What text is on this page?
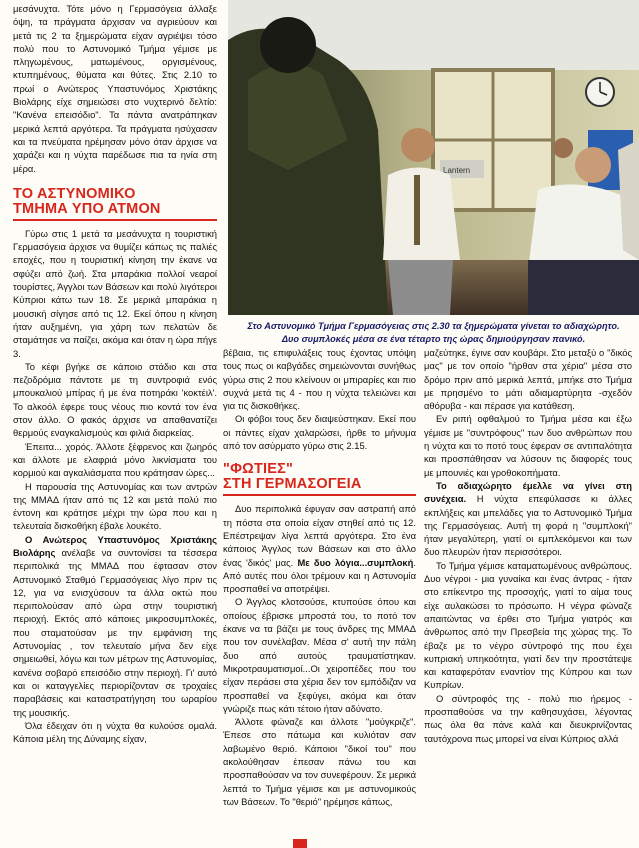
μεσάνυχτα. Τότε μόνο η Γερμασόγεια άλλαξε όψη, τα πράγματα άρχισαν να αγριεύουν και μετά τις 2 τα ξημερώματα είχαν αγριέψει τόσο πολύ που το Αστυνομικό Τμήμα γέμισε με πληγωμένους, ματωμένους, οργισμένους, κτυπημένους, θύματα και θύτες. Στις 2.10 το πρωί ο Ανώτερος Υπαστυνόμος Χριστάκης Βιολάρης είχε σημειώσει στο νυχτερινό δελτίο: "Κανένα επεισόδιο". Τα πάντα ανατράπηκαν μερικά λεπτά αργότερα. Τα πράγματα ησύχασαν και τα πνεύματα ηρέμησαν μόνο όταν άρχισε να χαράζει και η νύχτα παρέδωσε πια τα ηνία στη μέρα.

ΤΟ ΑΣΤΥΝΟΜΙΚΟ
ΤΜΗΜΑ ΥΠΟ ΑΤΜΟΝ

Γύρω στις 1 μετά τα μεσάνυχτα η τουριστική Γερμασόγεια άρχισε να θυμίζει κάπως τις παλιές εποχές, που η τουριστική κίνηση την έκανε να σφύζει από ζωή. Στα μπαράκια πολλοί νεαροί τουρίστες, Άγγλοι των Βάσεων και πολύ λιγότεροι Κύπριοι κάτω των 18. Σε μερικά μπαράκια η μουσική σίγησε από τις 12. Εκεί όπου η κίνηση ήταν αυξημένη, για χάρη των πελατών δε σταμάτησε να παίζει, ακόμα και όταν η ώρα πήγε 3.

Το κέφι βγήκε σε κάποιο στάδιο και στα πεζοδρόμια πάντοτε με τη συντροφιά ενός μπουκαλιού μπίρας ή με ένα ποτηράκι 'κοκτέιλ'. Το αλκοόλ έφερε τους νέους πιο κοντά τον ένα στον άλλο. Ο φακός άρχισε να απαθανατίζει θερμούς εναγκαλισμούς και φιλιά διαρκείας.

Έπειτα... χορός. Άλλοτε ξέφρενος και ζωηρός και άλλοτε με ελαφριά μόνο λικνίσματα του κορμιού και αγκαλιάσματα που κράτησαν ώρες...

Η παρουσία της Αστυνομίας και των αντρών της ΜΜΑΔ ήταν από τις 12 και μετά πολύ πιο έντονη και κράτησε μέχρι την ώρα που και η τελευταία δισκοθήκη έβαλε λουκέτο.

Ο Ανώτερος Υπαστυνόμος Χριστάκης Βιολάρης ανέλαβε να συντονίσει τα τέσσερα περιπολικά της ΜΜΑΔ που έφτασαν στον Αστυνομικό Σταθμό Γερμασόγειας λίγο πριν τις 12, για να ενισχύσουν τα άλλα οκτώ που περιπολούσαν από ώρα στην τουριστική περιοχή. Εκτός από κάποιες μικροσυμπλοκές, που σταματούσαν με την εμφάνιση της Αστυνομίας , τον τελευταίο μήνα δεν είχε σημειωθεί, λόγω και των μέτρων της Αστυνομίας, κανένα σοβαρό επεισόδιο στην περιοχή. Γι' αυτό και οι καταγγελίες περιορίζονταν σε τροχαίες παραβάσεις και καταστρατήγηση του ωραρίου της μουσικής.

Όλα έδειχαν ότι η νύχτα θα κυλούσε ομαλά. Κάποια μέλη της Δύναμης είχαν,

Lantern
Στο Αστυνομικό Τμήμα Γερμασόγειας στις 2.30 τα ξημερώματα γίνεται το αδιαχώρητο.
Δυο συμπλοκές μέσα σε ένα τέταρτο της ώρας δημιούργησαν πανικό.

βέβαια, τις επιφυλάξεις τους έχοντας υπόψη τους πως οι καβγάδες σημειώνονται συνήθως γύρω στις 2 που κλείνουν οι μπιραρίες και πιο συχνά μετά τις 4 - που η νύχτα τελειώνει και για τις δισκοθήκες.

Οι φόβοι τους δεν διαψεύστηκαν. Εκεί που οι πάντες είχαν χαλαρώσει, ήρθε το μήνυμα από τον ασύρματο γύρω στις 2.15.

"ΦΩΤΙΕΣ"
ΣΤΗ ΓΕΡΜΑΣΟΓΕΙΑ

Δυο περιπολικά έφυγαν σαν αστραπή από τη πόστα στα οποία είχαν στηθεί από τις 12. Επέστρεψαν λίγα λεπτά αργότερα. Στο ένα κάποιος Άγγλος των Βάσεων και στο άλλο ένας 'δικός' μας. Με δυο λόγια...συμπλοκή. Από αυτές που όλοι τρέμουν και η Αστυνομία προσπαθεί να αποτρέψει.

Ο Άγγλος κλοτσούσε, κτυπούσε όπου και οποίους έβρισκε μπροστά του, το ποτό τον έκανε να τα βάζει με τους άνδρες της ΜΜΑΔ που τον συνέλαβαν. Μέσα σ' αυτή την πάλη δυο από αυτούς τραυματίστηκαν. Μικροτραυματισμοί...Οι χειροπέδες που του είχαν περάσει στα χέρια δεν τον εμπόδιζαν να προσπαθεί να ξεφύγει, ακόμα και όταν γνώριζε πως κάτι τέτοιο ήταν αδύνατο.

Άλλοτε φώναζε και άλλοτε "μούγκριζε". Έπεσε στο πάτωμα και κυλιόταν σαν λαβωμένο θεριό. Κάποιοι "δικοί του" που ακολούθησαν έπεσαν πάνω του και προσπαθούσαν να τον συνεφέρουν. Σε μερικά λεπτά το Τμήμα γέμισε και με αστυνομικούς των Βάσεων. Το "θεριό" ηρέμησε κάπως,

μαζεύτηκε, έγινε σαν κουβάρι. Στο μεταξύ ο "δικός μας" με τον οποίο "ήρθαν στα χέρια" μέσα στο δρόμο πριν από μερικά λεπτά, μπήκε στο Τμήμα με πρησμένο το μάτι αδιαμαρτύρητα -σχεδόν αθόρυβα - και πέρασε για κατάθεση.

Εν ριπή οφθαλμού το Τμήμα μέσα και έξω γέμισε με "συντρόφους" των δυο ανθρώπων που η νύχτα και το ποτό τους έφεραν σε αντιπαλότητα και προσπάθησαν να λύσουν τις διαφορές τους με μπουνιές και γροθοκοπήματα.

Το αδιαχώρητο έμελλε να γίνει στη συνέχεια. Η νύχτα επεφύλασσε κι άλλες εκπλήξεις και μπελάδες για το Αστυνομικό Τμήμα της Γερμασόγειας. Αυτή τη φορά η "συμπλοκή" ήταν μεγαλύτερη, γιατί οι εμπλεκόμενοι και των δυο πλευρών ήταν περισσότεροι.

Το Τμήμα γέμισε καταματωμένους ανθρώπους. Δυο νέγροι - μια γυναίκα και ένας άντρας - ήταν στο επίκεντρο της προσοχής, γιατί το αίμα τους είχε αυλακώσει το πρόσωπο. Η νέγρα φώναζε απαιτώντας να έρθει στο Τμήμα γιατρός και άνθρωπος από την Πρεσβεία της χώρας της. Το έβαζε με το νέγρο σύντροφό της που έχει κυπριακή υπηκοότητα, γιατί δεν την προστάτεψε και καταφερόταν εναντίον της Κύπρου και των Κυπρίων.

Ο σύντροφός της - πολύ πιο ήρεμος - προσπαθούσε να την καθησυχάσει, λέγοντας πως όλα θα πάνε καλά και διευκρινίζοντας ταυτόχρονα πως μπορεί να είναι Κύπριος αλλά
